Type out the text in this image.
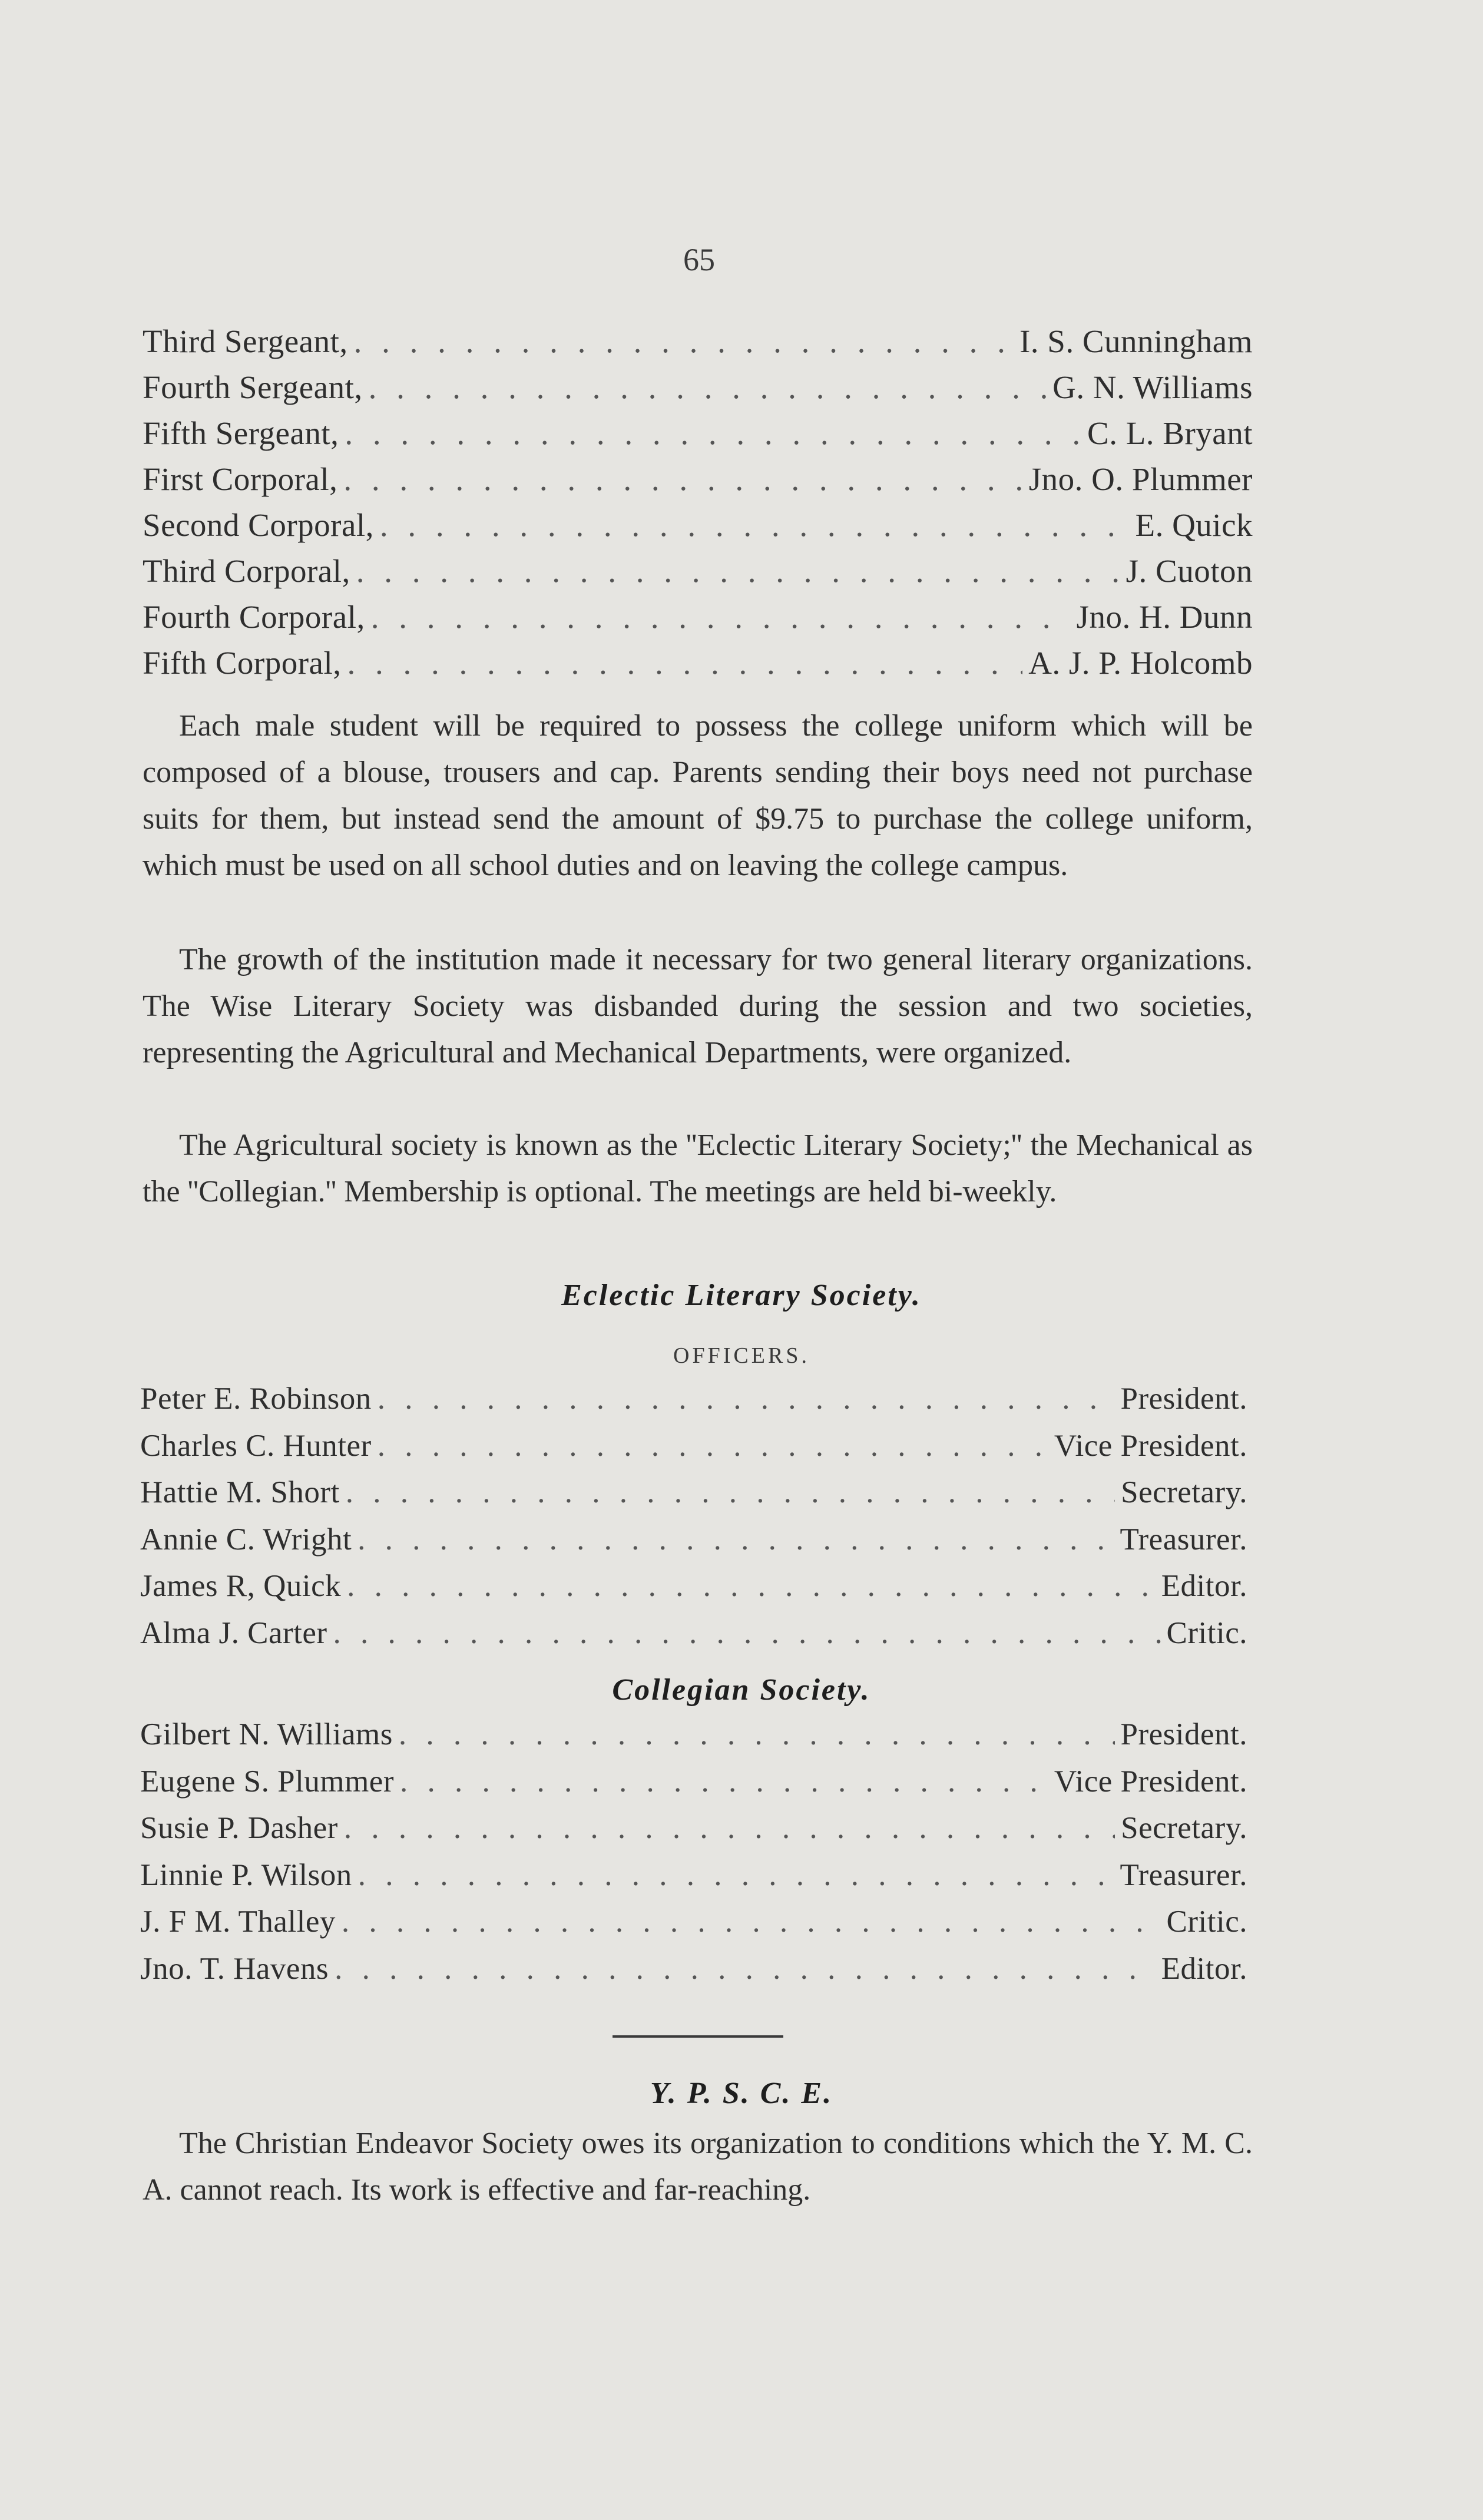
65
Third Sergeant, . . .	I. S. Cunningham
Fourth Sergeant, . . .	G. N. Williams
Fifth Sergeant, . . .	C. L. Bryant
First Corporal, . . .	Jno. O. Plummer
Second Corporal, . . .	E. Quick
Third Corporal, . . .	J. Cuoton
Fourth Corporal, . . .	Jno. H. Dunn
Fifth Corporal, . . .	A. J. P. Holcomb

Each male student will be required to possess the college uniform which will be composed of a blouse, trousers and cap. Parents sending their boys need not purchase suits for them, but instead send the amount of $9.75 to purchase the college uniform, which must be used on all school duties and on leaving the college campus.

The growth of the institution made it necessary for two general literary organizations. The Wise Literary Society was disbanded during the session and two societies, representing the Agricultural and Mechanical Departments, were organized.

The Agricultural society is known as the ''Eclectic Literary Society;'' the Mechanical as the ''Collegian.'' Membership is optional. The meetings are held bi-weekly.

Eclectic Literary Society.
OFFICERS.
Peter E. Robinson . . .	President.
Charles C. Hunter . . .	Vice President.
Hattie M. Short . . .	Secretary.
Annie C. Wright . . .	Treasurer.
James R, Quick . . .	Editor.
Alma J. Carter . . .	Critic.
Collegian Society.
Gilbert N. Williams . . .	President.
Eugene S. Plummer . . .	Vice President.
Susie P. Dasher . . .	Secretary.
Linnie P. Wilson . . .	Treasurer.
J. F M. Thalley . . .	Critic.
Jno. T. Havens . . .	Editor.
Y. P. S. C. E.

The Christian Endeavor Society owes its organization to conditions which the Y. M. C. A. cannot reach. Its work is effective and far-reaching.
